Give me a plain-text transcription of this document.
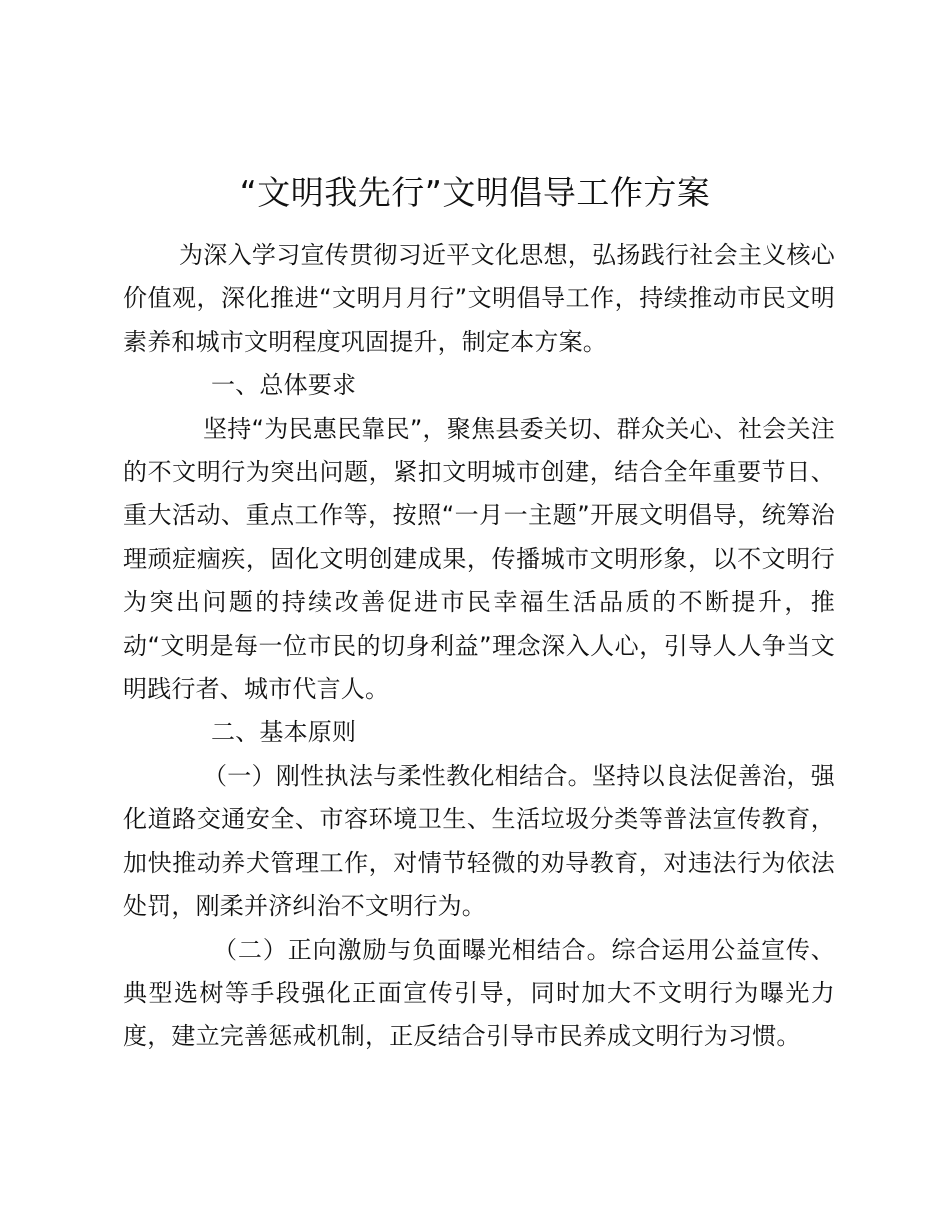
“文明我先行”文明倡导工作方案

为深入学习宣传贯彻习近平文化思想，弘扬践行社会主义核心价值观，深化推进“文明月月行”文明倡导工作，持续推动市民文明素养和城市文明程度巩固提升，制定本方案。

一、总体要求

坚持“为民惠民靠民”，聚焦县委关切、群众关心、社会关注的不文明行为突出问题，紧扣文明城市创建，结合全年重要节日、重大活动、重点工作等，按照“一月一主题”开展文明倡导，统筹治理顽症痼疾，固化文明创建成果，传播城市文明形象，以不文明行为突出问题的持续改善促进市民幸福生活品质的不断提升，推动“文明是每一位市民的切身利益”理念深入人心，引导人人争当文明践行者、城市代言人。

二、基本原则

（一）刚性执法与柔性教化相结合。坚持以良法促善治，强化道路交通安全、市容环境卫生、生活垃圾分类等普法宣传教育，加快推动养犬管理工作，对情节轻微的劝导教育，对违法行为依法处罚，刚柔并济纠治不文明行为。

（二）正向激励与负面曝光相结合。综合运用公益宣传、典型选树等手段强化正面宣传引导，同时加大不文明行为曝光力度，建立完善惩戒机制，正反结合引导市民养成文明行为习惯。
